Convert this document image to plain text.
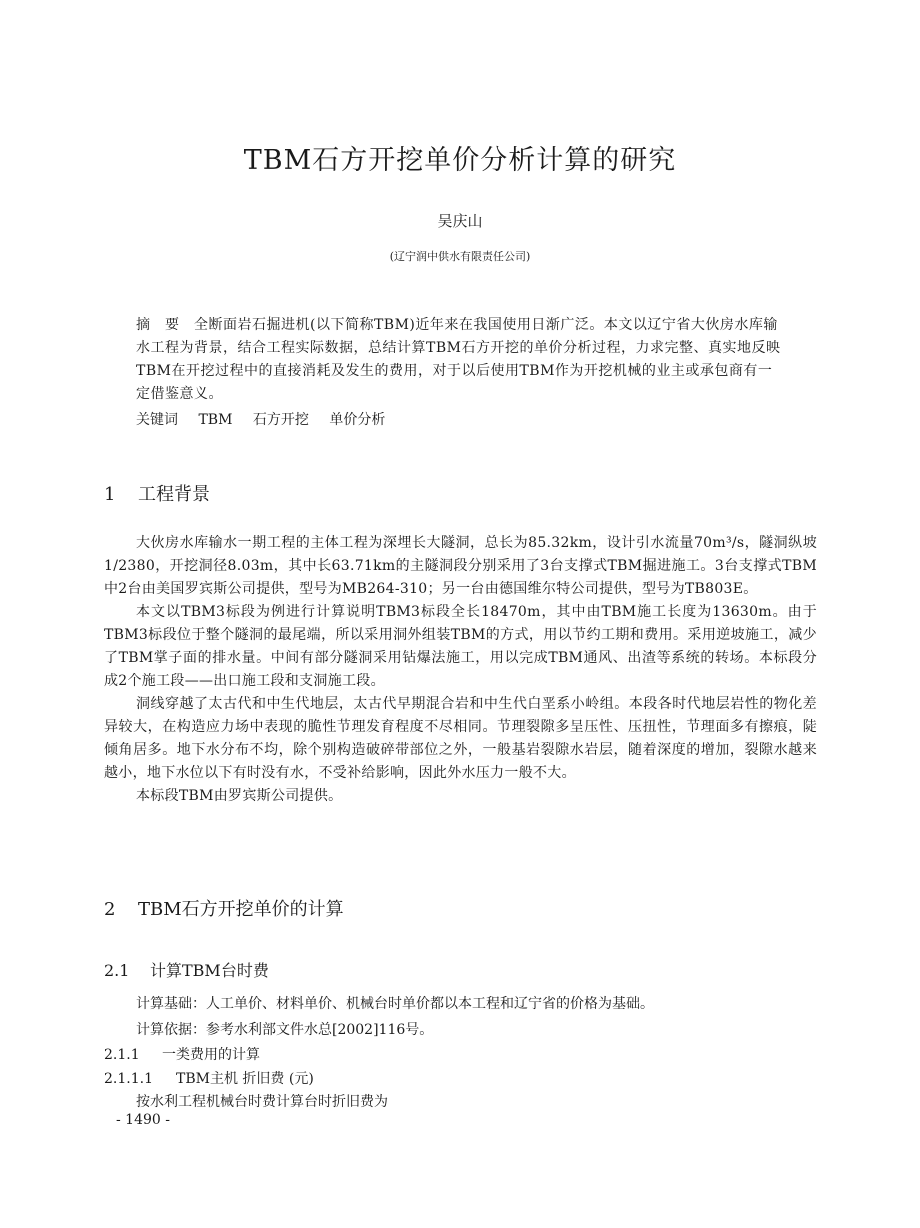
TBM石方开挖单价分析计算的研究
吴庆山
(辽宁润中供水有限责任公司)
摘　要　全断面岩石掘进机(以下简称TBM)近年来在我国使用日渐广泛。本文以辽宁省大伙房水库输水工程为背景，结合工程实际数据，总结计算TBM石方开挖的单价分析过程，力求完整、真实地反映TBM在开挖过程中的直接消耗及发生的费用，对于以后使用TBM作为开挖机械的业主或承包商有一定借鉴意义。
关键词 TBM 石方开挖 单价分析
1 工程背景

大伙房水库输水一期工程的主体工程为深埋长大隧洞，总长为85.32km，设计引水流量70m³/s，隧洞纵坡1/2380，开挖洞径8.03m，其中长63.71km的主隧洞段分别采用了3台支撑式TBM掘进施工。3台支撑式TBM中2台由美国罗宾斯公司提供，型号为MB264-310；另一台由德国维尔特公司提供，型号为TB803E。

本文以TBM3标段为例进行计算说明TBM3标段全长18470m，其中由TBM施工长度为13630m。由于TBM3标段位于整个隧洞的最尾端，所以采用洞外组装TBM的方式，用以节约工期和费用。采用逆坡施工，减少了TBM掌子面的排水量。中间有部分隧洞采用钻爆法施工，用以完成TBM通风、出渣等系统的转场。本标段分成2个施工段——出口施工段和支洞施工段。

洞线穿越了太古代和中生代地层，太古代早期混合岩和中生代白垩系小岭组。本段各时代地层岩性的物化差异较大，在构造应力场中表现的脆性节理发育程度不尽相同。节理裂隙多呈压性、压扭性，节理面多有擦痕，陡倾角居多。地下水分布不均，除个别构造破碎带部位之外，一般基岩裂隙水岩层，随着深度的增加，裂隙水越来越小，地下水位以下有时没有水，不受补给影响，因此外水压力一般不大。

本标段TBM由罗宾斯公司提供。

2 TBM石方开挖单价的计算
2.1 计算TBM台时费
计算基础：人工单价、材料单价、机械台时单价都以本工程和辽宁省的价格为基础。
计算依据：参考水利部文件水总[2002]116号。
2.1.1 一类费用的计算
2.1.1.1 TBM主机 折旧费 (元)
按水利工程机械台时费计算台时折旧费为
- 1490 -
